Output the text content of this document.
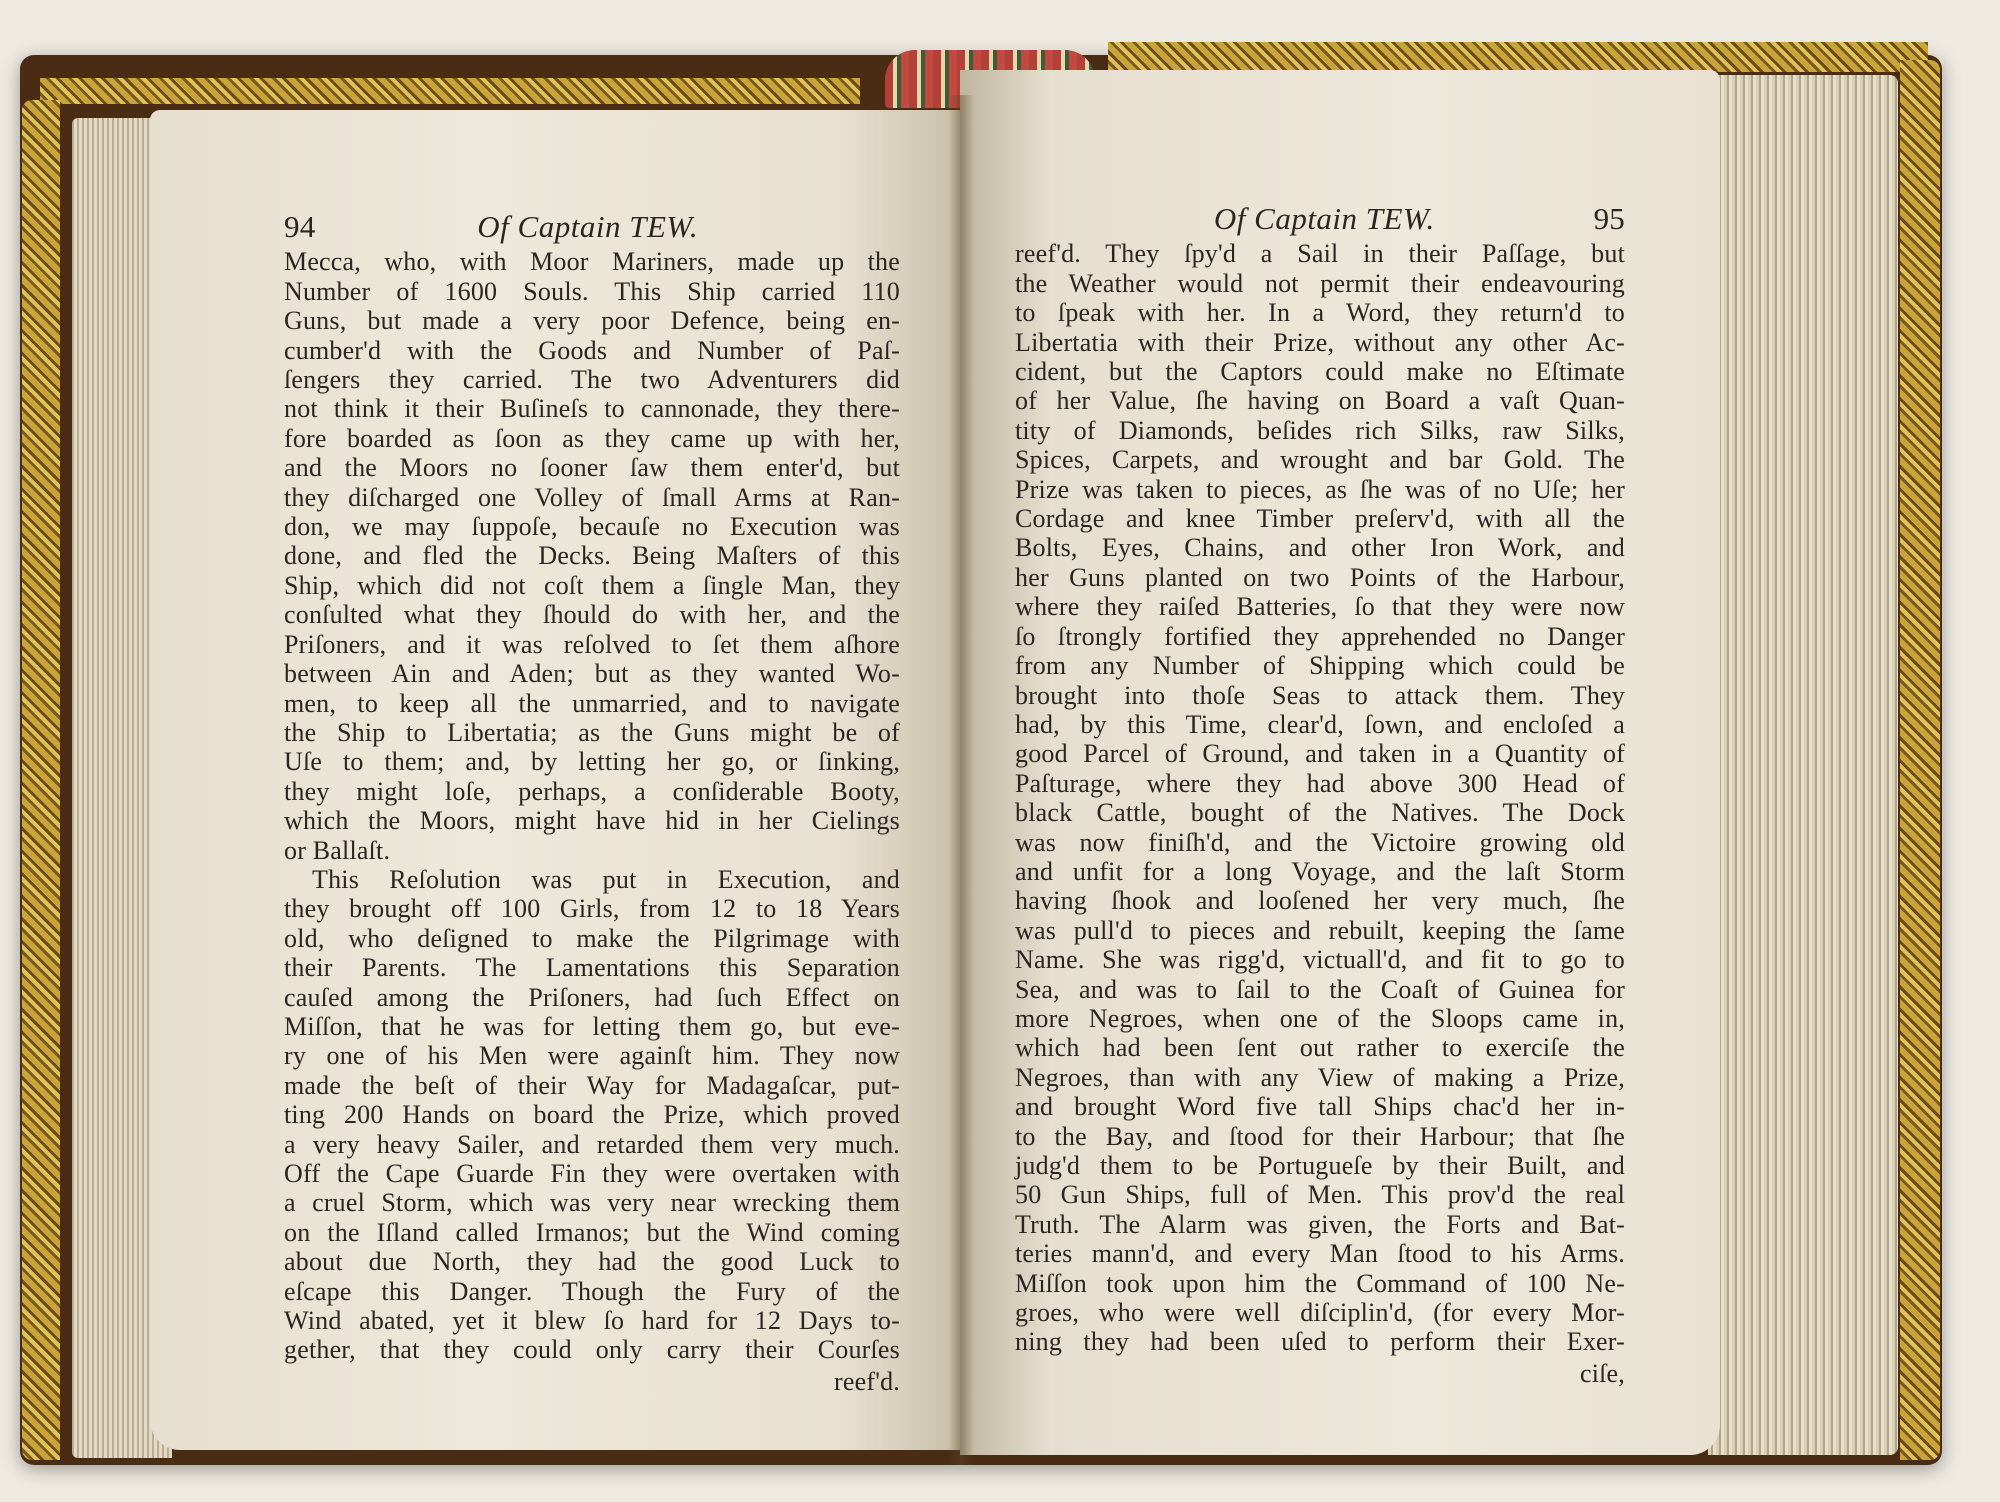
94	Of Captain TEW.
Mecca, who, with Moor Mariners, made up the
Number of 1600 Souls. This Ship carried 110
Guns, but made a very poor Defence, being en-
cumber'd with the Goods and Number of Paſ-
ſengers they carried. The two Adventurers did
not think it their Buſineſs to cannonade, they there-
fore boarded as ſoon as they came up with her,
and the Moors no ſooner ſaw them enter'd, but
they diſcharged one Volley of ſmall Arms at Ran-
don, we may ſuppoſe, becauſe no Execution was
done, and fled the Decks. Being Maſters of this
Ship, which did not coſt them a ſingle Man, they
conſulted what they ſhould do with her, and the
Priſoners, and it was reſolved to ſet them aſhore
between Ain and Aden; but as they wanted Wo-
men, to keep all the unmarried, and to navigate
the Ship to Libertatia; as the Guns might be of
Uſe to them; and, by letting her go, or ſinking,
they might loſe, perhaps, a conſiderable Booty,
which the Moors, might have hid in her Cielings
or Ballaſt.
This Reſolution was put in Execution, and
they brought off 100 Girls, from 12 to 18 Years
old, who deſigned to make the Pilgrimage with
their Parents. The Lamentations this Separation
cauſed among the Priſoners, had ſuch Effect on
Miſſon, that he was for letting them go, but eve-
ry one of his Men were againſt him. They now
made the beſt of their Way for Madagaſcar, put-
ting 200 Hands on board the Prize, which proved
a very heavy Sailer, and retarded them very much.
Off the Cape Guarde Fin they were overtaken with
a cruel Storm, which was very near wrecking them
on the Iſland called Irmanos; but the Wind coming
about due North, they had the good Luck to
eſcape this Danger. Though the Fury of the
Wind abated, yet it blew ſo hard for 12 Days to-
gether, that they could only carry their Courſes
reef'd.
Of Captain TEW.	95
reef'd. They ſpy'd a Sail in their Paſſage, but
the Weather would not permit their endeavouring
to ſpeak with her. In a Word, they return'd to
Libertatia with their Prize, without any other Ac-
cident, but the Captors could make no Eſtimate
of her Value, ſhe having on Board a vaſt Quan-
tity of Diamonds, beſides rich Silks, raw Silks,
Spices, Carpets, and wrought and bar Gold. The
Prize was taken to pieces, as ſhe was of no Uſe; her
Cordage and knee Timber preſerv'd, with all the
Bolts, Eyes, Chains, and other Iron Work, and
her Guns planted on two Points of the Harbour,
where they raiſed Batteries, ſo that they were now
ſo ſtrongly fortified they apprehended no Danger
from any Number of Shipping which could be
brought into thoſe Seas to attack them. They
had, by this Time, clear'd, ſown, and encloſed a
good Parcel of Ground, and taken in a Quantity of
Paſturage, where they had above 300 Head of
black Cattle, bought of the Natives. The Dock
was now finiſh'd, and the Victoire growing old
and unfit for a long Voyage, and the laſt Storm
having ſhook and looſened her very much, ſhe
was pull'd to pieces and rebuilt, keeping the ſame
Name. She was rigg'd, victuall'd, and fit to go to
Sea, and was to ſail to the Coaſt of Guinea for
more Negroes, when one of the Sloops came in,
which had been ſent out rather to exerciſe the
Negroes, than with any View of making a Prize,
and brought Word five tall Ships chac'd her in-
to the Bay, and ſtood for their Harbour; that ſhe
judg'd them to be Portugueſe by their Built, and
50 Gun Ships, full of Men. This prov'd the real
Truth. The Alarm was given, the Forts and Bat-
teries mann'd, and every Man ſtood to his Arms.
Miſſon took upon him the Command of 100 Ne-
groes, who were well diſciplin'd, (for every Mor-
ning they had been uſed to perform their Exer-
ciſe,
